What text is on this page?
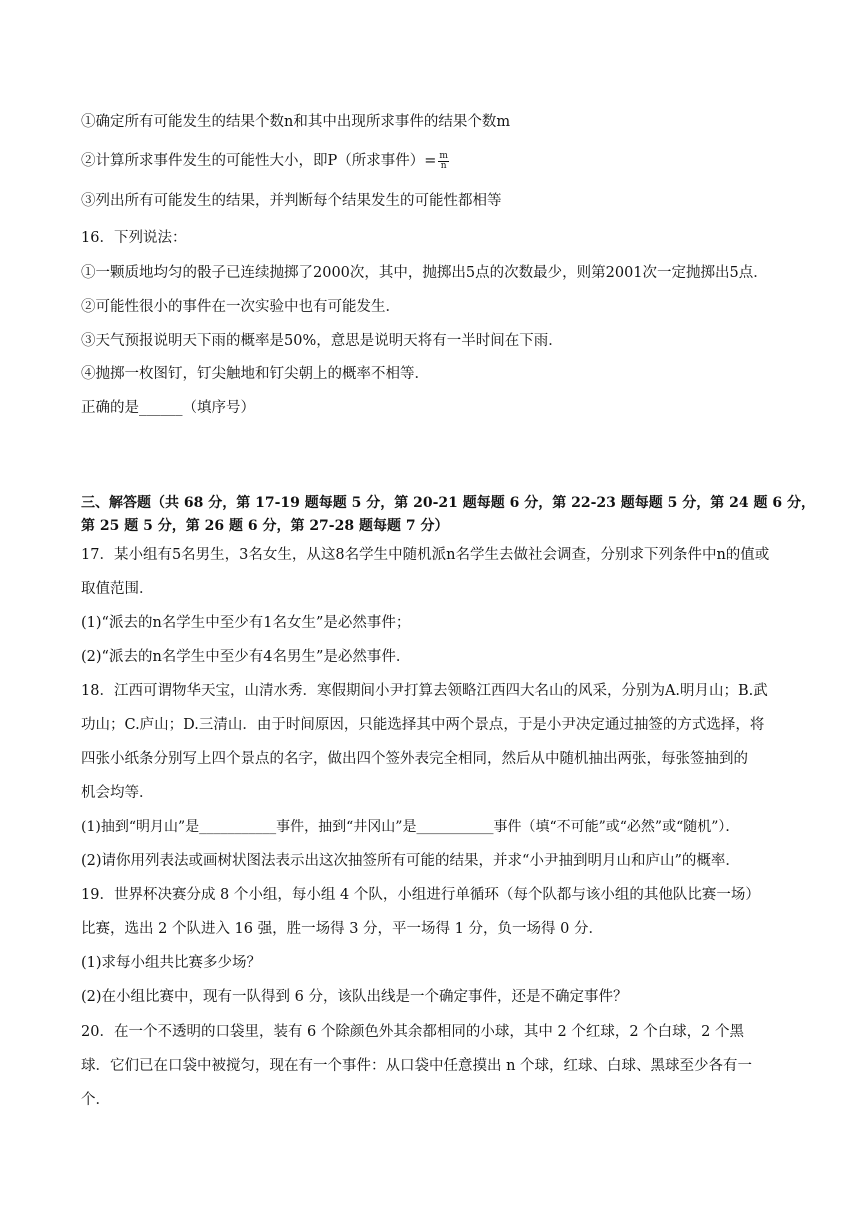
①确定所有可能发生的结果个数n和其中出现所求事件的结果个数m
②计算所求事件发生的可能性大小，即P（所求事件）= $\frac{m}{n}$
③列出所有可能发生的结果，并判断每个结果发生的可能性都相等
16．下列说法：
①一颗质地均匀的骰子已连续抛掷了2000次，其中，抛掷出5点的次数最少，则第2001次一定抛掷出5点．
②可能性很小的事件在一次实验中也有可能发生．
③天气预报说明天下雨的概率是50%，意思是说明天将有一半时间在下雨．
④抛掷一枚图钉，钉尖触地和钉尖朝上的概率不相等．
正确的是______（填序号）
三、解答题（共 68 分，第 17-19 题每题 5 分，第 20-21 题每题 6 分，第 22-23 题每题 5 分，第 24 题 6 分，
第 25 题 5 分，第 26 题 6 分，第 27-28 题每题 7 分）
17．某小组有5名男生，3名女生，从这8名学生中随机派n名学生去做社会调查，分别求下列条件中n的值或
取值范围．
(1)“派去的n名学生中至少有1名女生”是必然事件；
(2)“派去的n名学生中至少有4名男生”是必然事件．
18．江西可谓物华天宝，山清水秀．寒假期间小尹打算去领略江西四大名山的风采，分别为A.明月山；B.武
功山；C.庐山；D.三清山．由于时间原因，只能选择其中两个景点，于是小尹决定通过抽签的方式选择，将
四张小纸条分别写上四个景点的名字，做出四个签外表完全相同，然后从中随机抽出两张，每张签抽到的
机会均等．
(1)抽到“明月山”是___________事件，抽到“井冈山”是___________事件（填“不可能”或“必然”或“随机”）．
(2)请你用列表法或画树状图法表示出这次抽签所有可能的结果，并求“小尹抽到明月山和庐山”的概率．
19．世界杯决赛分成 8 个小组，每小组 4 个队，小组进行单循环（每个队都与该小组的其他队比赛一场）
比赛，选出 2 个队进入 16 强，胜一场得 3 分，平一场得 1 分，负一场得 0 分．
(1)求每小组共比赛多少场？
(2)在小组比赛中，现有一队得到 6 分，该队出线是一个确定事件，还是不确定事件？
20．在一个不透明的口袋里，装有 6 个除颜色外其余都相同的小球，其中 2 个红球，2 个白球，2 个黑
球．它们已在口袋中被搅匀，现在有一个事件：从口袋中任意摸出 n 个球，红球、白球、黑球至少各有一
个．
